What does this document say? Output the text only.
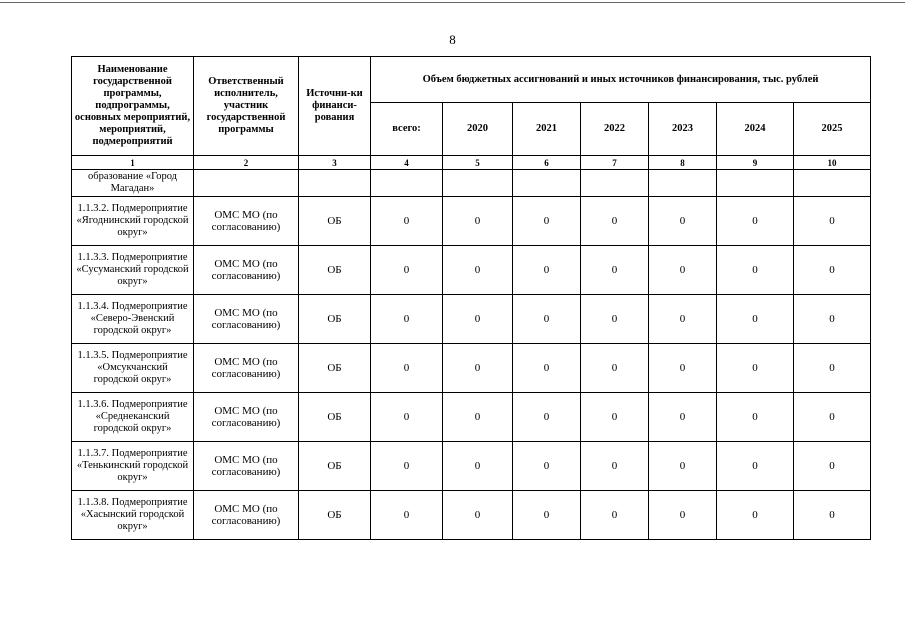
8
Наименование государственной программы, подпрограммы, основных мероприятий, мероприятий, подмероприятий	Ответственный исполнитель, участник государственной программы	Источни-ки финанси-рования	Объем бюджетных ассигнований и иных источников финансирования, тыс. рублей						
			всего:	2020	2021	2022	2023	2024	2025
1	2	3	4	5	6	7	8	9	10
образование «Город Магадан»									
1.1.3.2. Подмероприятие «Ягоднинский городской округ»	ОМС МО (по согласованию)	ОБ	0	0	0	0	0	0	0
1.1.3.3. Подмероприятие «Сусуманский городской округ»	ОМС МО (по согласованию)	ОБ	0	0	0	0	0	0	0
1.1.3.4. Подмероприятие «Северо-Эвенский городской округ»	ОМС МО (по согласованию)	ОБ	0	0	0	0	0	0	0
1.1.3.5. Подмероприятие «Омсукчанский городской округ»	ОМС МО (по согласованию)	ОБ	0	0	0	0	0	0	0
1.1.3.6. Подмероприятие «Среднеканский городской округ»	ОМС МО (по согласованию)	ОБ	0	0	0	0	0	0	0
1.1.3.7. Подмероприятие «Тенькинский городской округ»	ОМС МО (по согласованию)	ОБ	0	0	0	0	0	0	0
1.1.3.8. Подмероприятие «Хасынский городской округ»	ОМС МО (по согласованию)	ОБ	0	0	0	0	0	0	0
